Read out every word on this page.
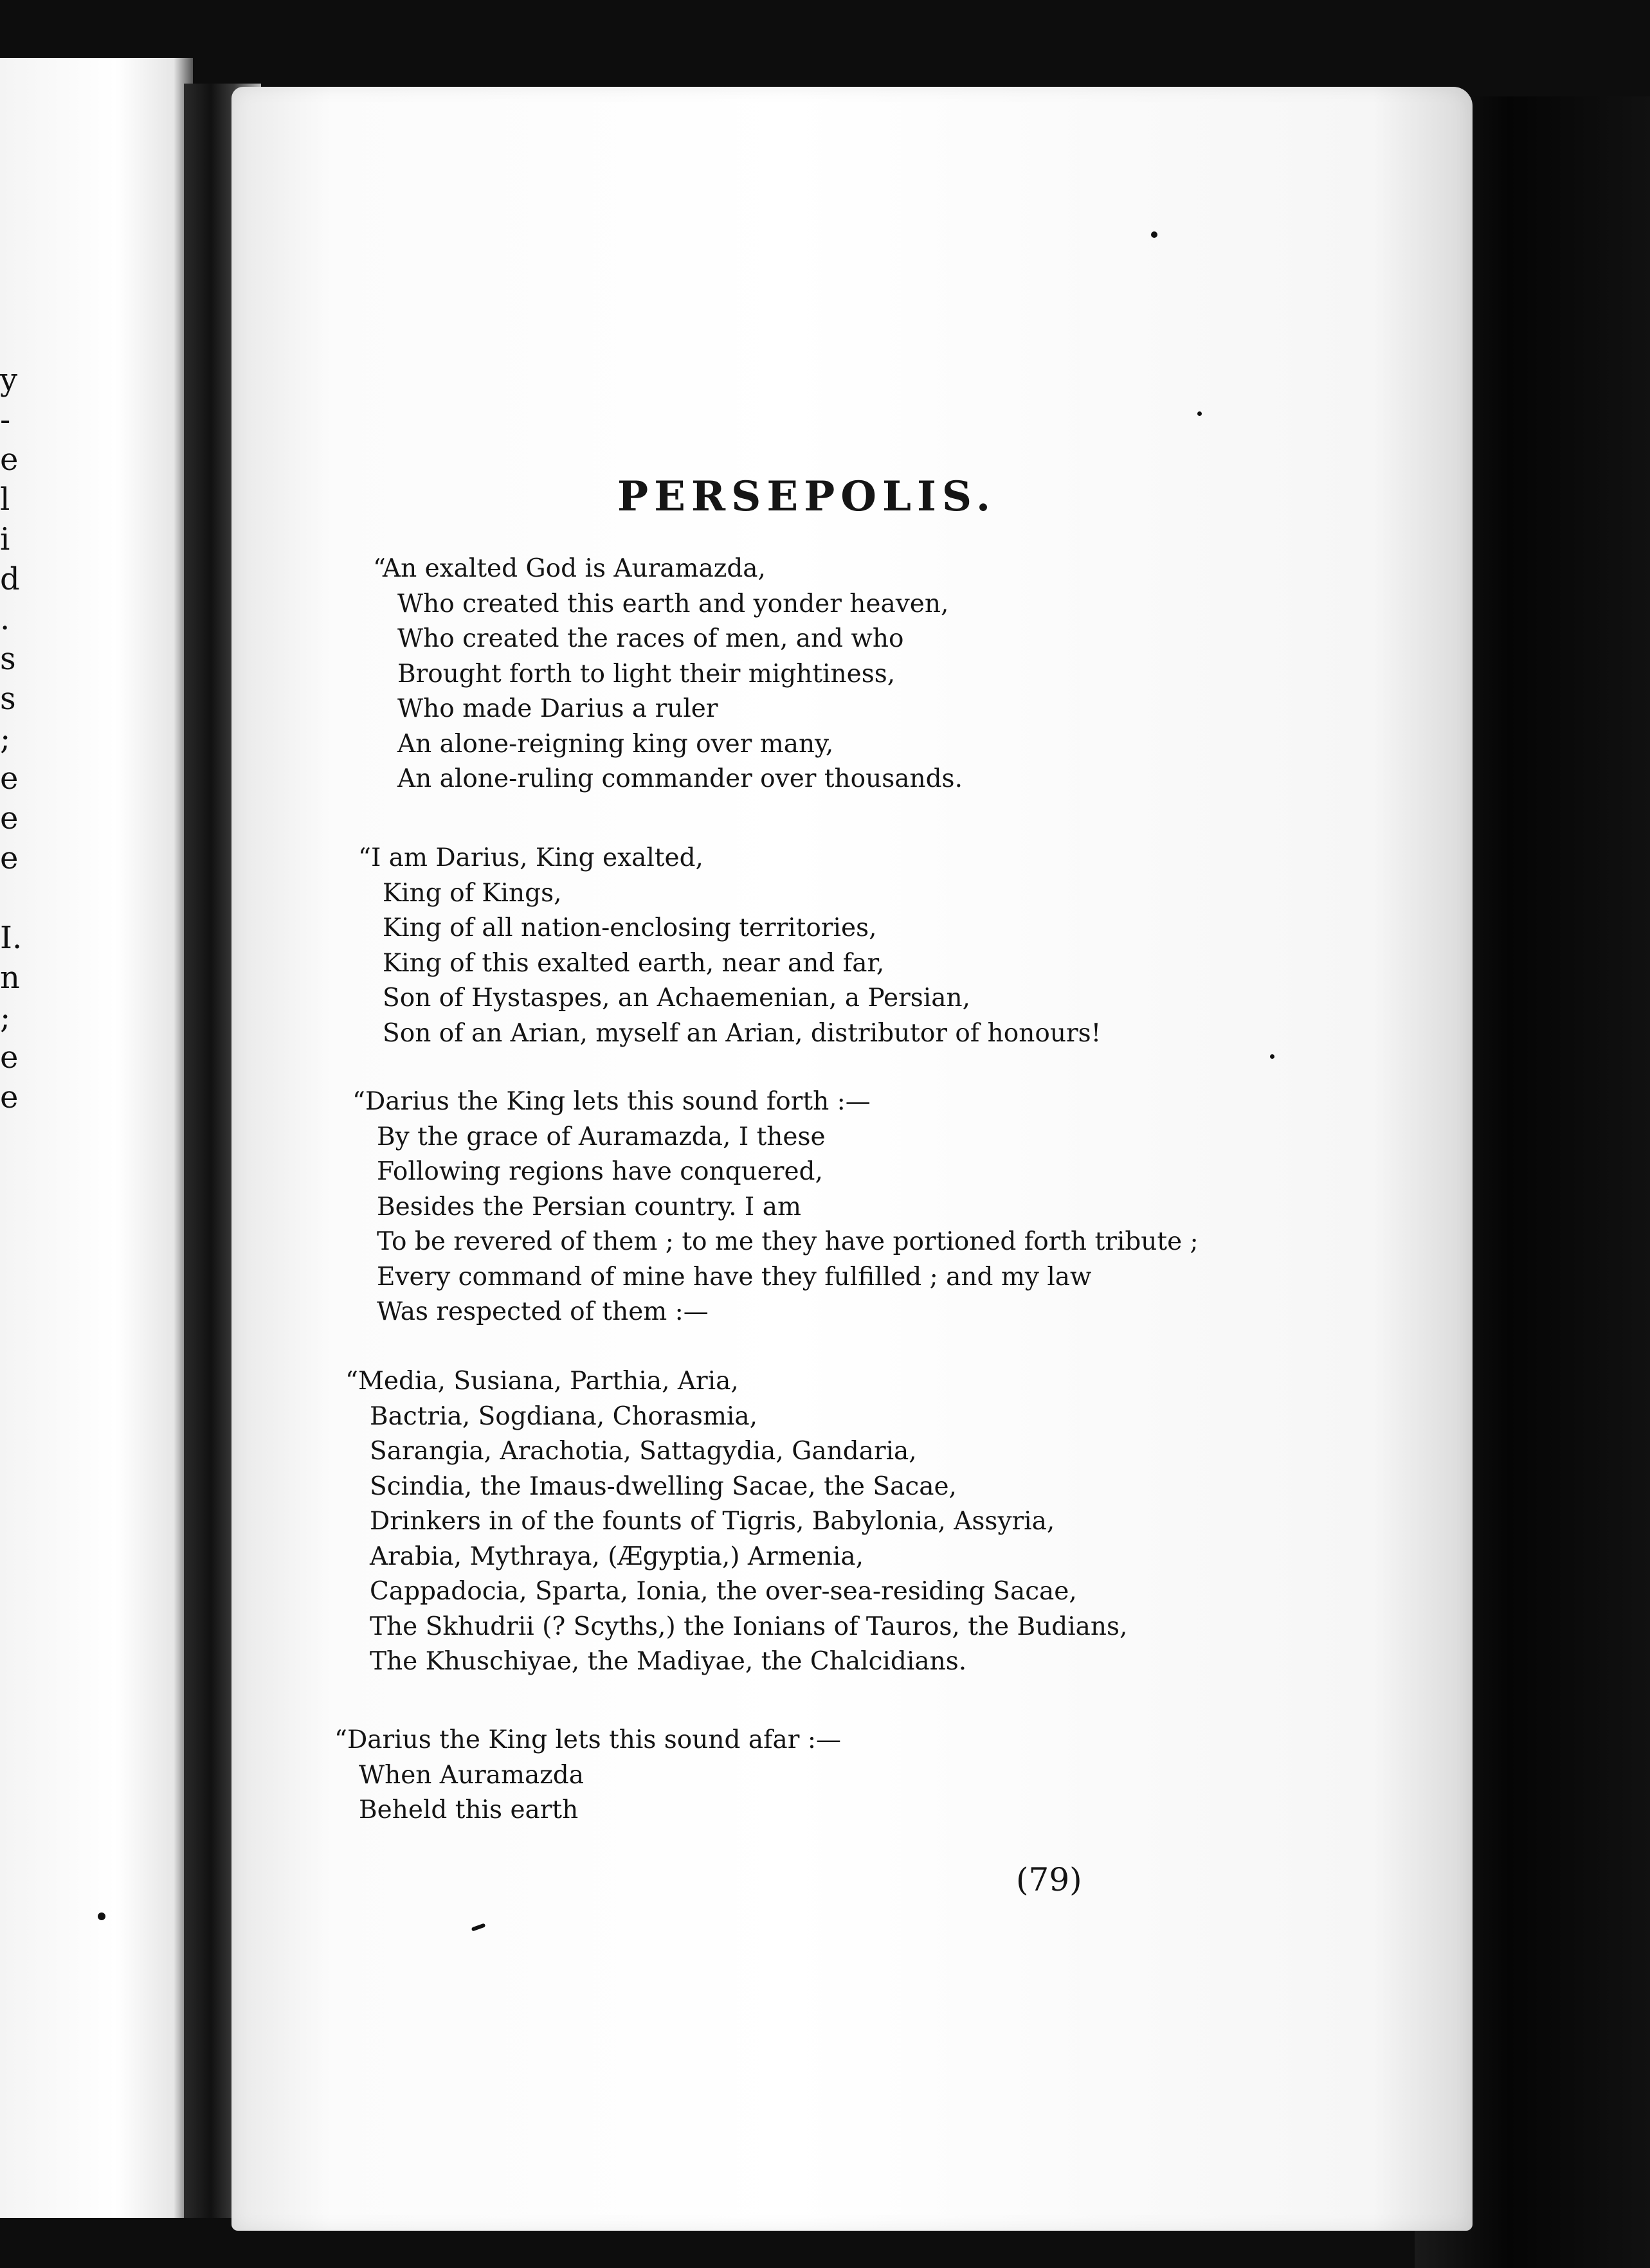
y
-
e
l
i
d
.
s
s
;
e
e
e
I.
n
;
e
e
PERSEPOLIS.
“An exalted God is Auramazda,
Who created this earth and yonder heaven,
Who created the races of men, and who
Brought forth to light their mightiness,
Who made Darius a ruler
An alone-reigning king over many,
An alone-ruling commander over thousands.
“I am Darius, King exalted,
King of Kings,
King of all nation-enclosing territories,
King of this exalted earth, near and far,
Son of Hystaspes, an Achaemenian, a Persian,
Son of an Arian, myself an Arian, distributor of honours!
“Darius the King lets this sound forth :—
By the grace of Auramazda, I these
Following regions have conquered,
Besides the Persian country. I am
To be revered of them ; to me they have portioned forth tribute ;
Every command of mine have they fulfilled ; and my law
Was respected of them :—
“Media, Susiana, Parthia, Aria,
Bactria, Sogdiana, Chorasmia,
Sarangia, Arachotia, Sattagydia, Gandaria,
Scindia, the Imaus-dwelling Sacae, the Sacae,
Drinkers in of the founts of Tigris, Babylonia, Assyria,
Arabia, Mythraya, (Ægyptia,) Armenia,
Cappadocia, Sparta, Ionia, the over-sea-residing Sacae,
The Skhudrii (? Scyths,) the Ionians of Tauros, the Budians,
The Khuschiyae, the Madiyae, the Chalcidians.
“Darius the King lets this sound afar :—
When Auramazda
Beheld this earth
(79)
